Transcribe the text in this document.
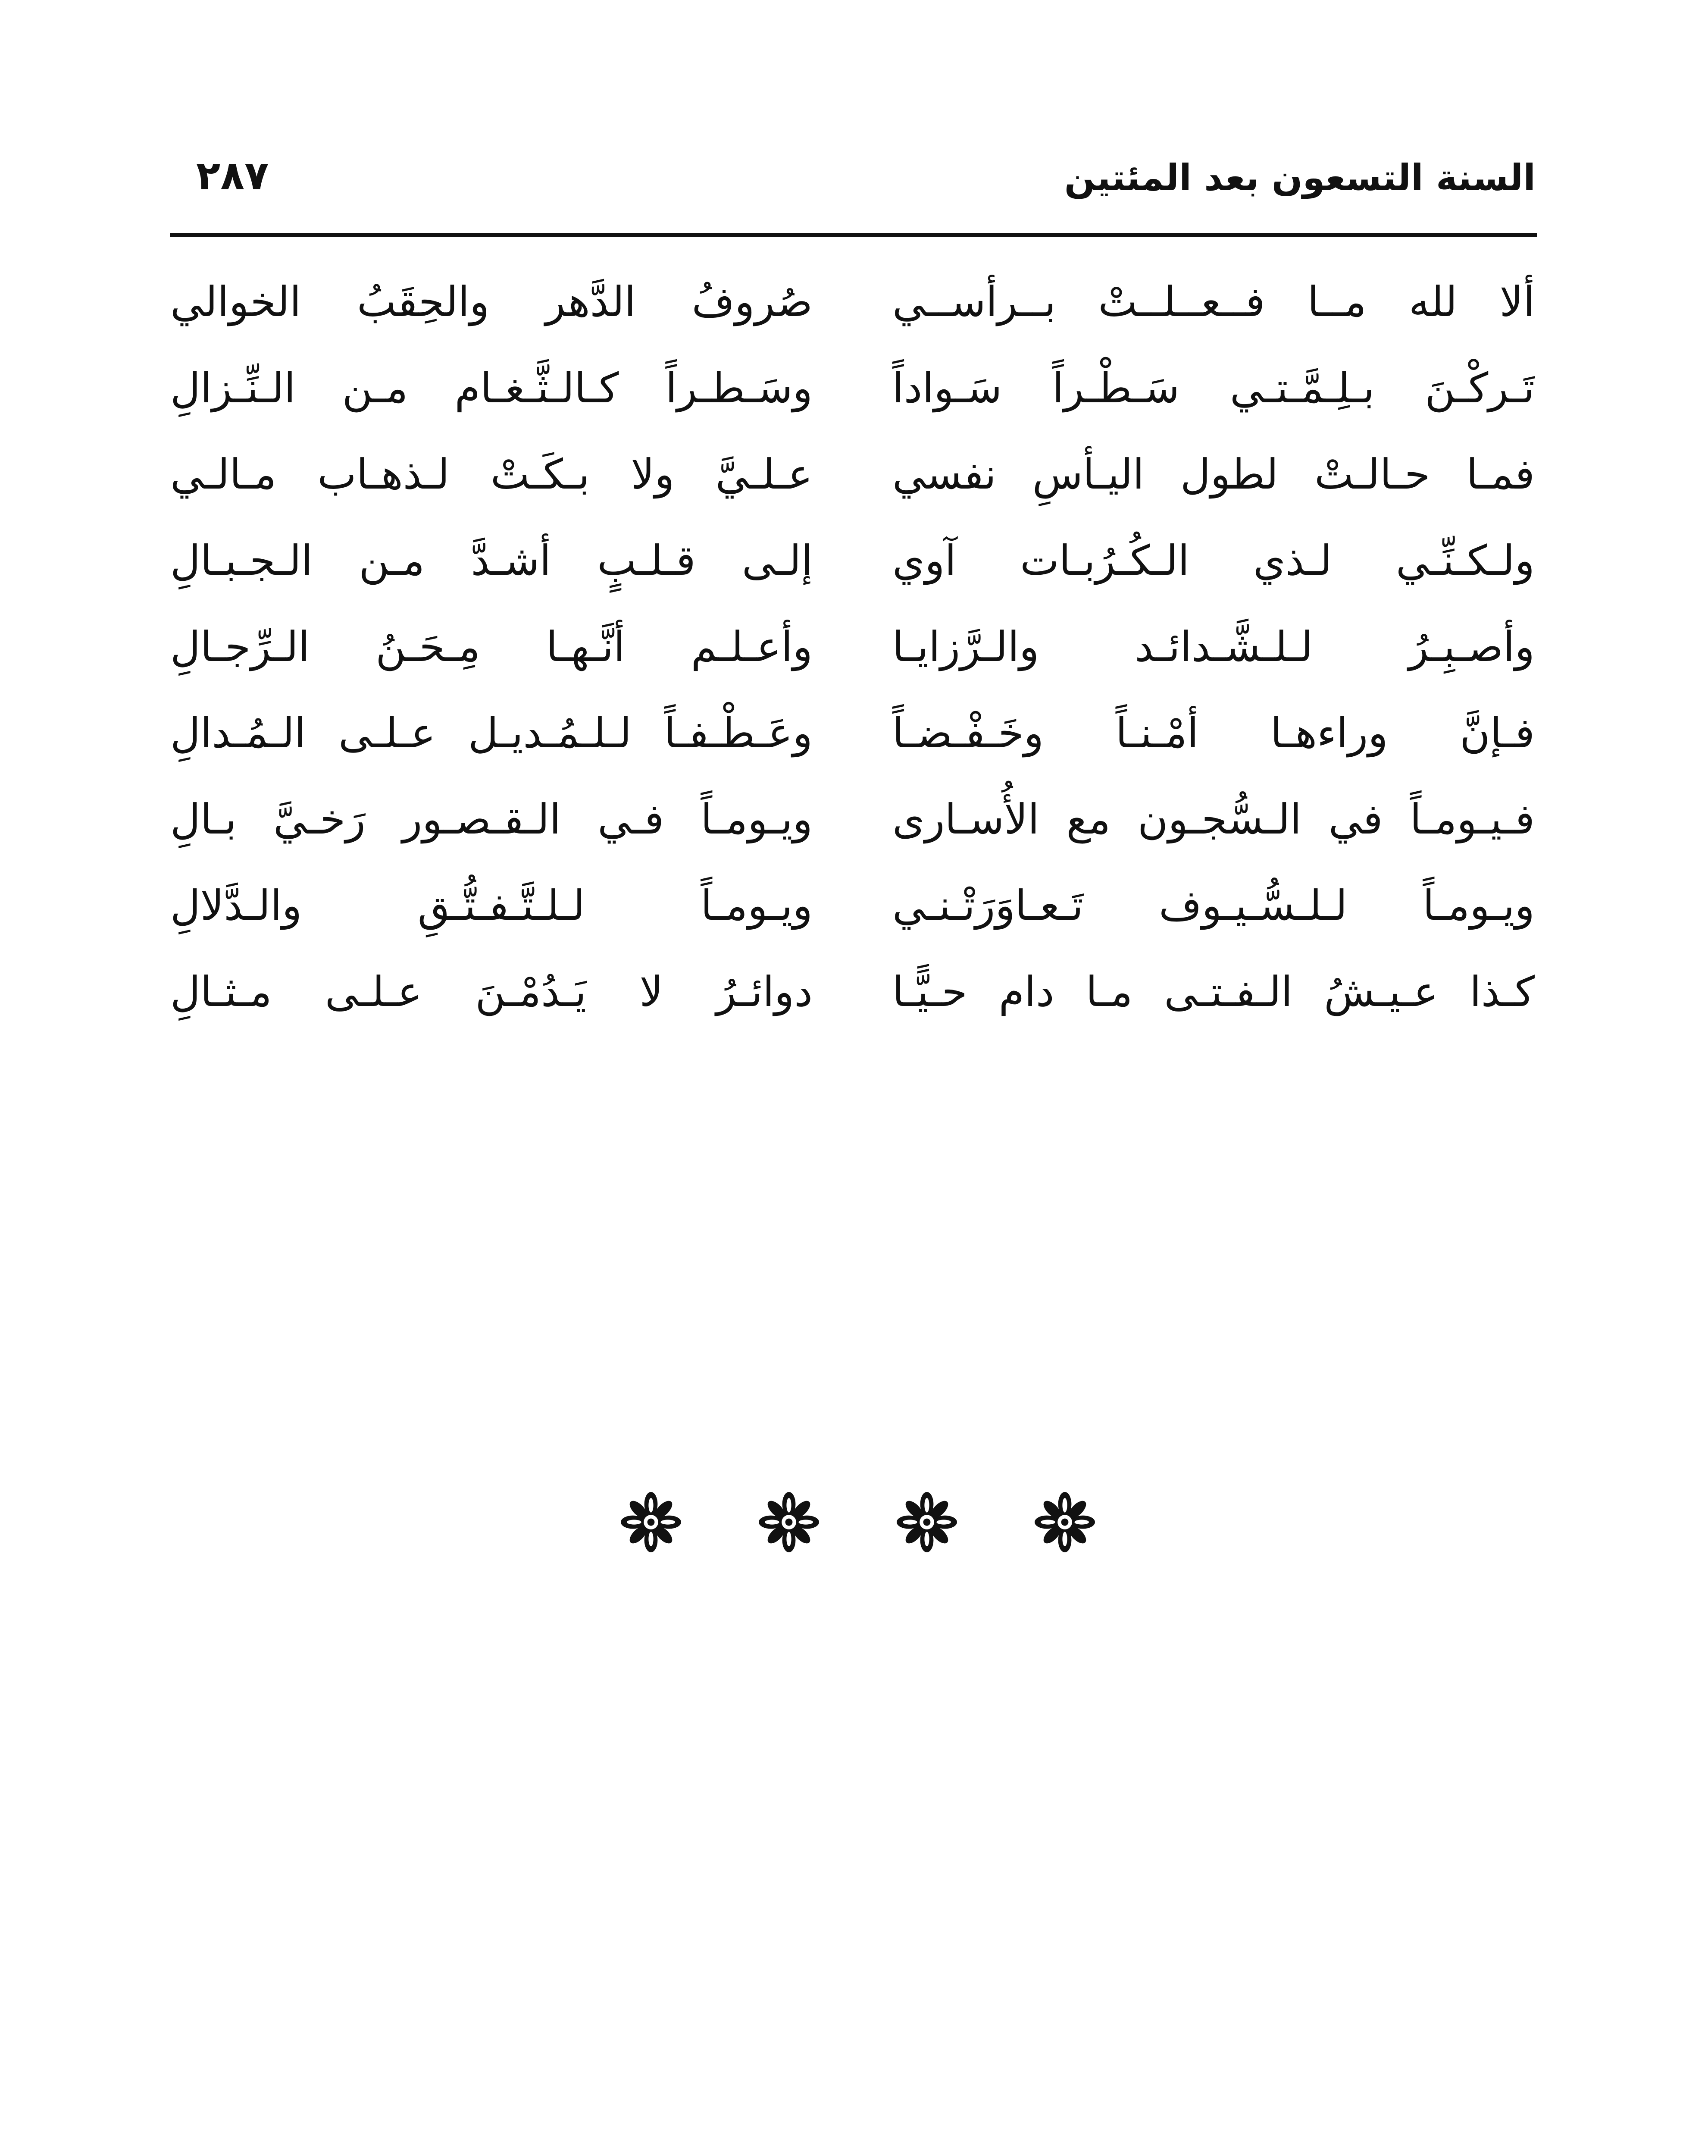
السنة التسعون بعد المئتين
٢٨٧
ألا لله مــا فــعــلــتْ بــرأســي
صُروفُ الدَّهر والحِقَبُ الخوالي
تَـركْـنَ بـلِـمَّـتـي سَـطْـراً سَـواداً
وسَـطـراً كـالـثَّـغـام مـن الـنِّـزالِ
فمـا حـالـتْ لطول اليـأسِ نفسي
عـلـيَّ ولا بـكَـتْ لـذهـاب مـالـي
ولـكـنِّـي لـذي الـكُـرُبـات آوي
إلـى قـلـبٍ أشـدَّ مـن الـجـبـالِ
وأصـبِـرُ لـلـشَّـدائـد والـرَّزايـا
وأعـلـم أنَّـهـا مِـحَـنُ الـرِّجـالِ
فـإنَّ وراءهـا أمْـنـاً وخَـفْـضـاً
وعَـطْـفـاً لـلـمُـديـل عـلـى الـمُـدالِ
فـيـومـاً في الـسُّجـون مع الأُسـارى
ويـومـاً فـي الـقـصـور رَخـيَّ بـالِ
ويـومـاً لـلـسُّـيـوف تَـعـاوَرَتْـنـي
ويـومـاً لـلـتَّـفـتُّـقِ والـدَّلالِ
كـذا عـيـشُ الـفـتـى مـا دام حـيًّـا
دوائـرُ لا يَـدُمْـنَ عـلـى مـثـالِ
